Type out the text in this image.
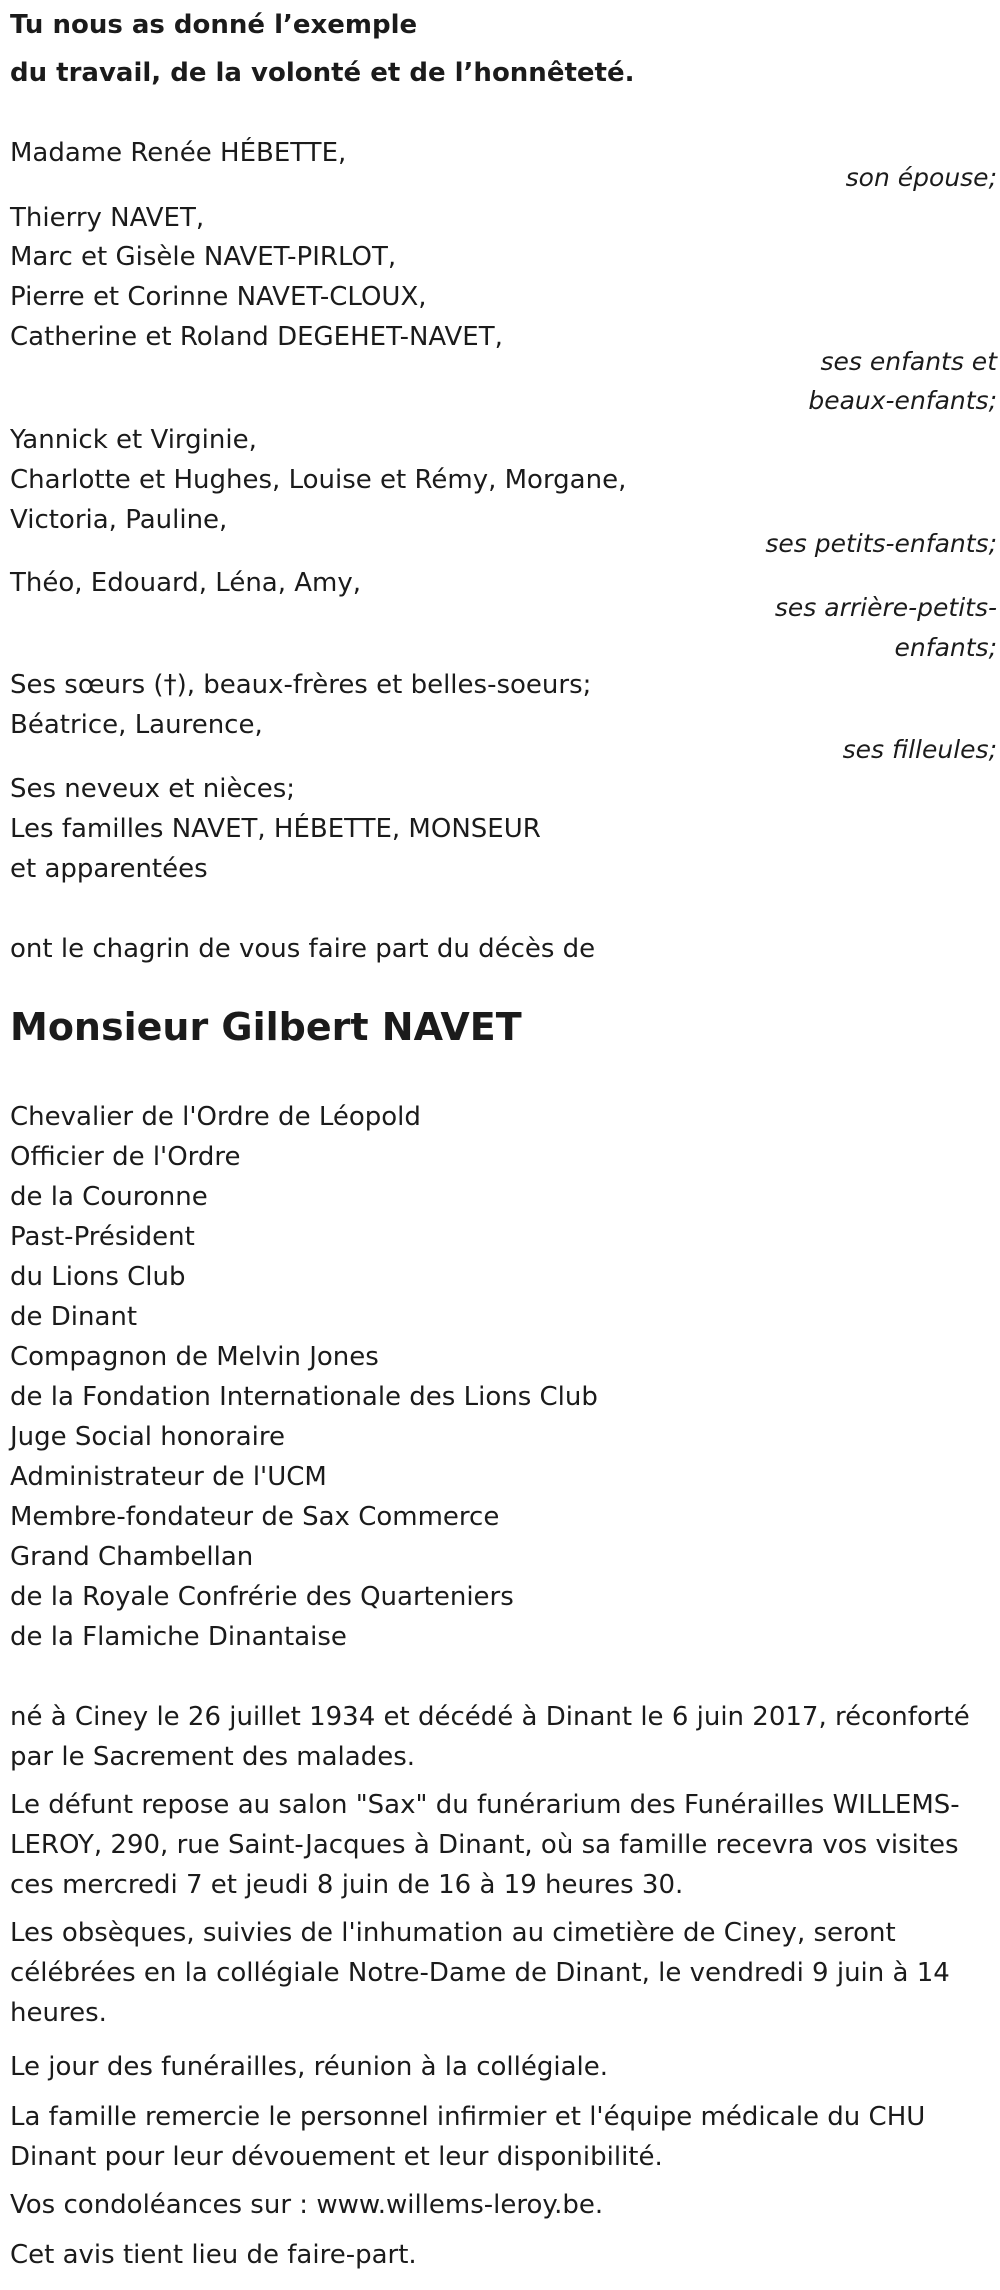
Tu nous as donné l’exemple
du travail, de la volonté et de l’honnêteté.
Madame Renée HÉBETTE,
son épouse;
Thierry NAVET,
Marc et Gisèle NAVET-PIRLOT,
Pierre et Corinne NAVET-CLOUX,
Catherine et Roland DEGEHET-NAVET,
ses enfants et
beaux-enfants;
Yannick et Virginie,
Charlotte et Hughes, Louise et Rémy, Morgane,
Victoria, Pauline,
ses petits-enfants;
Théo, Edouard, Léna, Amy,
ses arrière-petits-
enfants;
Ses sœurs (†), beaux-frères et belles-soeurs;
Béatrice, Laurence,
ses filleules;
Ses neveux et nièces;
Les familles NAVET, HÉBETTE, MONSEUR
et apparentées
ont le chagrin de vous faire part du décès de
Monsieur Gilbert NAVET
Chevalier de l'Ordre de Léopold
Officier de l'Ordre
de la Couronne
Past-Président
du Lions Club
de Dinant
Compagnon de Melvin Jones
de la Fondation Internationale des Lions Club
Juge Social honoraire
Administrateur de l'UCM
Membre-fondateur de Sax Commerce
Grand Chambellan
de la Royale Confrérie des Quarteniers
de la Flamiche Dinantaise
né à Ciney le 26 juillet 1934 et décédé à Dinant le 6 juin 2017, réconforté
par le Sacrement des malades.
Le défunt repose au salon "Sax" du funérarium des Funérailles WILLEMS-
LEROY, 290, rue Saint-Jacques à Dinant, où sa famille recevra vos visites
ces mercredi 7 et jeudi 8 juin de 16 à 19 heures 30.
Les obsèques, suivies de l'inhumation au cimetière de Ciney, seront
célébrées en la collégiale Notre-Dame de Dinant, le vendredi 9 juin à 14
heures.
Le jour des funérailles, réunion à la collégiale.
La famille remercie le personnel infirmier et l'équipe médicale du CHU
Dinant pour leur dévouement et leur disponibilité.
Vos condoléances sur : www.willems-leroy.be.
Cet avis tient lieu de faire-part.
